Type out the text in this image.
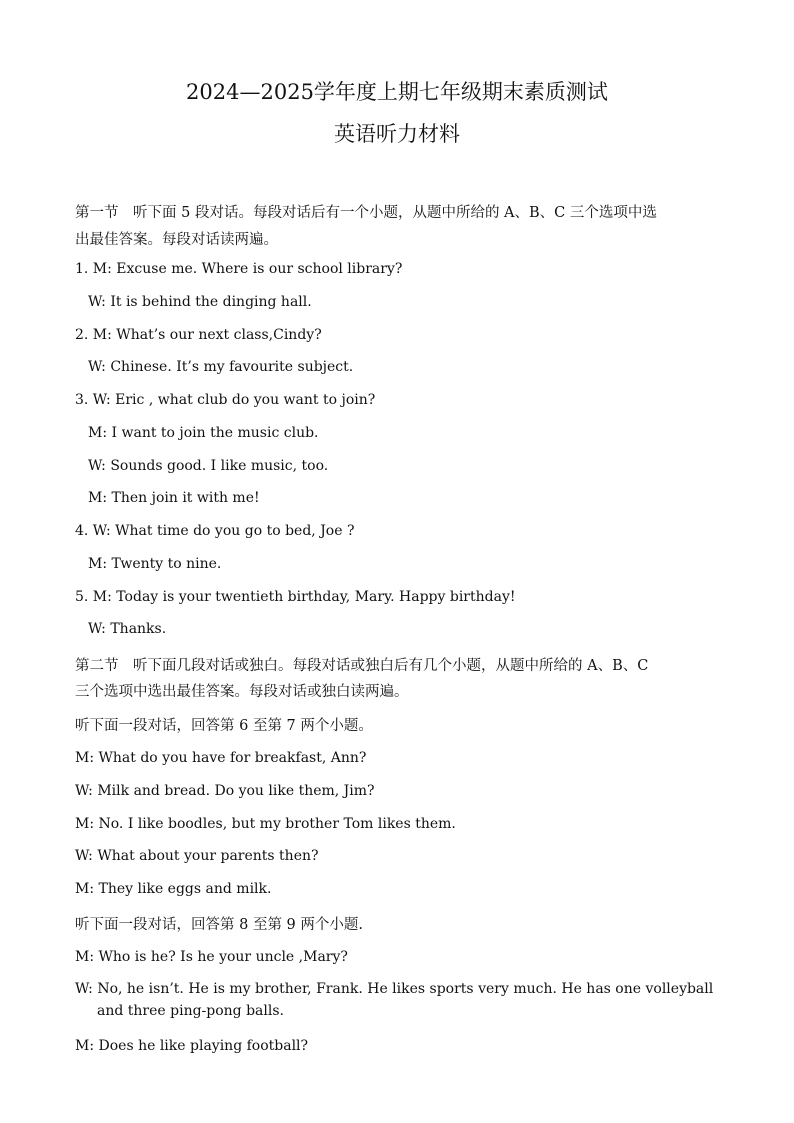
2024—2025学年度上期七年级期末素质测试
英语听力材料
第一节　听下面 5 段对话。每段对话后有一个小题，从题中所给的 A、B、C 三个选项中选
出最佳答案。每段对话读两遍。
1. M: Excuse me. Where is our school library?
W: It is behind the dinging hall.
2. M: What’s our next class,Cindy?
W: Chinese. It’s my favourite subject.
3. W: Eric , what club do you want to join?
M: I want to join the music club.
W: Sounds good. I like music, too.
M: Then join it with me!
4. W: What time do you go to bed, Joe ?
M: Twenty to nine.
5. M: Today is your twentieth birthday, Mary. Happy birthday!
W: Thanks.
第二节　听下面几段对话或独白。每段对话或独白后有几个小题，从题中所给的 A、B、C
三个选项中选出最佳答案。每段对话或独白读两遍。
听下面一段对话，回答第 6 至第 7 两个小题。
M: What do you have for breakfast, Ann?
W: Milk and bread. Do you like them, Jim?
M: No. I like boodles, but my brother Tom likes them.
W: What about your parents then?
M: They like eggs and milk.
听下面一段对话，回答第 8 至第 9 两个小题.
M: Who is he? Is he your uncle ,Mary?
W: No, he isn’t. He is my brother, Frank. He likes sports very much. He has one volleyball and three ping-pong balls.
M: Does he like playing football?
